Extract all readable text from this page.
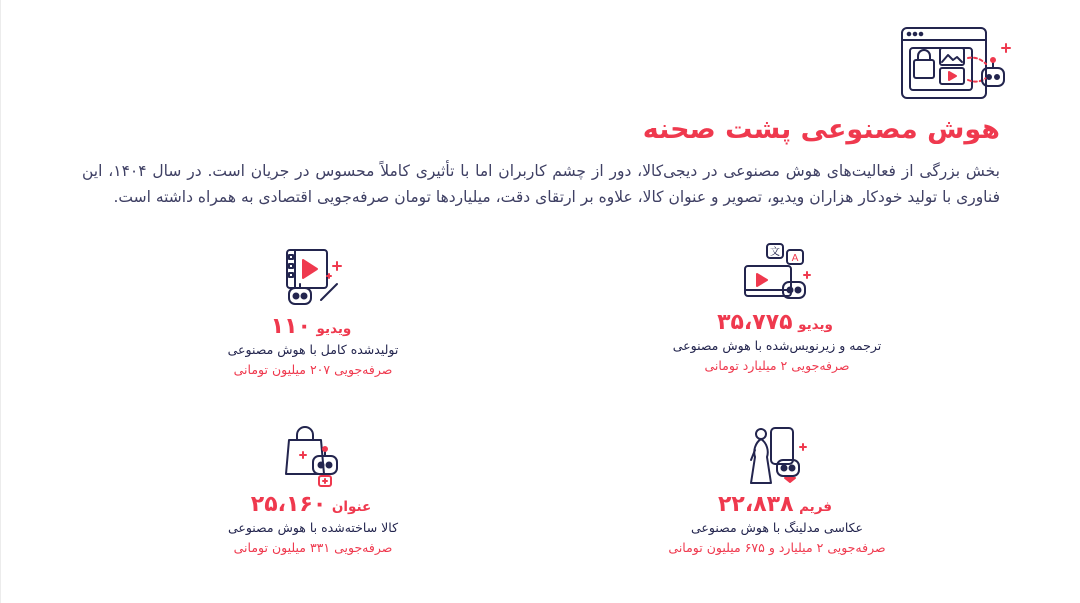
هوش مصنوعی پشت صحنه

بخش بزرگی از فعالیت‌های هوش مصنوعی در دیجی‌کالا، دور از چشم کاربران اما با تأثیری کاملاً محسوس در جریان است. در سال ۱۴۰۴، این فناوری با تولید خودکار هزاران ویدیو، تصویر و عنوان کالا، علاوه بر ارتقای دقت، میلیاردها تومان صرفه‌جویی اقتصادی به همراه داشته است.

文
A
ویدیو ۳۵،۷۷۵
ترجمه و زیرنویس‌شده با هوش مصنوعی
صرفه‌جویی ۲ میلیارد تومانی
ویدیو ۱۱۰
تولیدشده کامل با هوش مصنوعی
صرفه‌جویی ۲۰۷ میلیون تومانی
فریم ۲۲،۸۳۸
عکاسی مدلینگ با هوش مصنوعی
صرفه‌جویی ۲ میلیارد و ۶۷۵ میلیون تومانی
عنوان ۲۵،۱۶۰
کالا ساخته‌شده با هوش مصنوعی
صرفه‌جویی ۳۳۱ میلیون تومانی
